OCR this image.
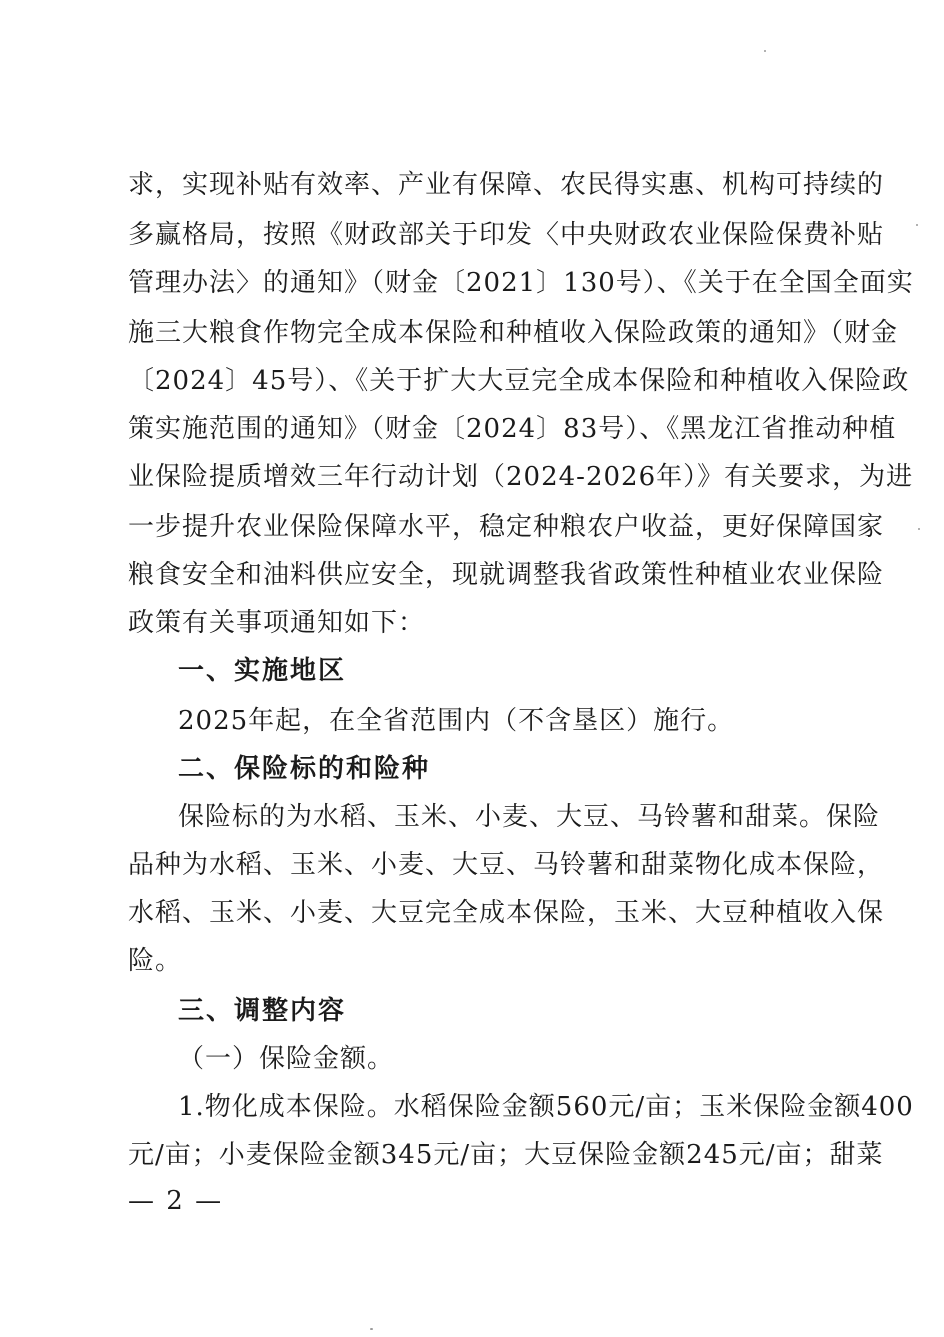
求，实现补贴有效率、产业有保障、农民得实惠、机构可持续的
多赢格局，按照《财政部关于印发〈中央财政农业保险保费补贴
管理办法〉的通知》（财金〔2021〕130号）、《关于在全国全面实
施三大粮食作物完全成本保险和种植收入保险政策的通知》（财金
〔2024〕45号）、《关于扩大大豆完全成本保险和种植收入保险政
策实施范围的通知》（财金〔2024〕83号）、《黑龙江省推动种植
业保险提质增效三年行动计划（2024-2026年）》有关要求，为进
一步提升农业保险保障水平，稳定种粮农户收益，更好保障国家
粮食安全和油料供应安全，现就调整我省政策性种植业农业保险
政策有关事项通知如下：
一、实施地区
2025年起，在全省范围内（不含垦区）施行。
二、保险标的和险种
保险标的为水稻、玉米、小麦、大豆、马铃薯和甜菜。保险
品种为水稻、玉米、小麦、大豆、马铃薯和甜菜物化成本保险，
水稻、玉米、小麦、大豆完全成本保险，玉米、大豆种植收入保
险。
三、调整内容
（一）保险金额。
1.物化成本保险。水稻保险金额560元/亩；玉米保险金额400
元/亩；小麦保险金额345元/亩；大豆保险金额245元/亩；甜菜
— 2 —
